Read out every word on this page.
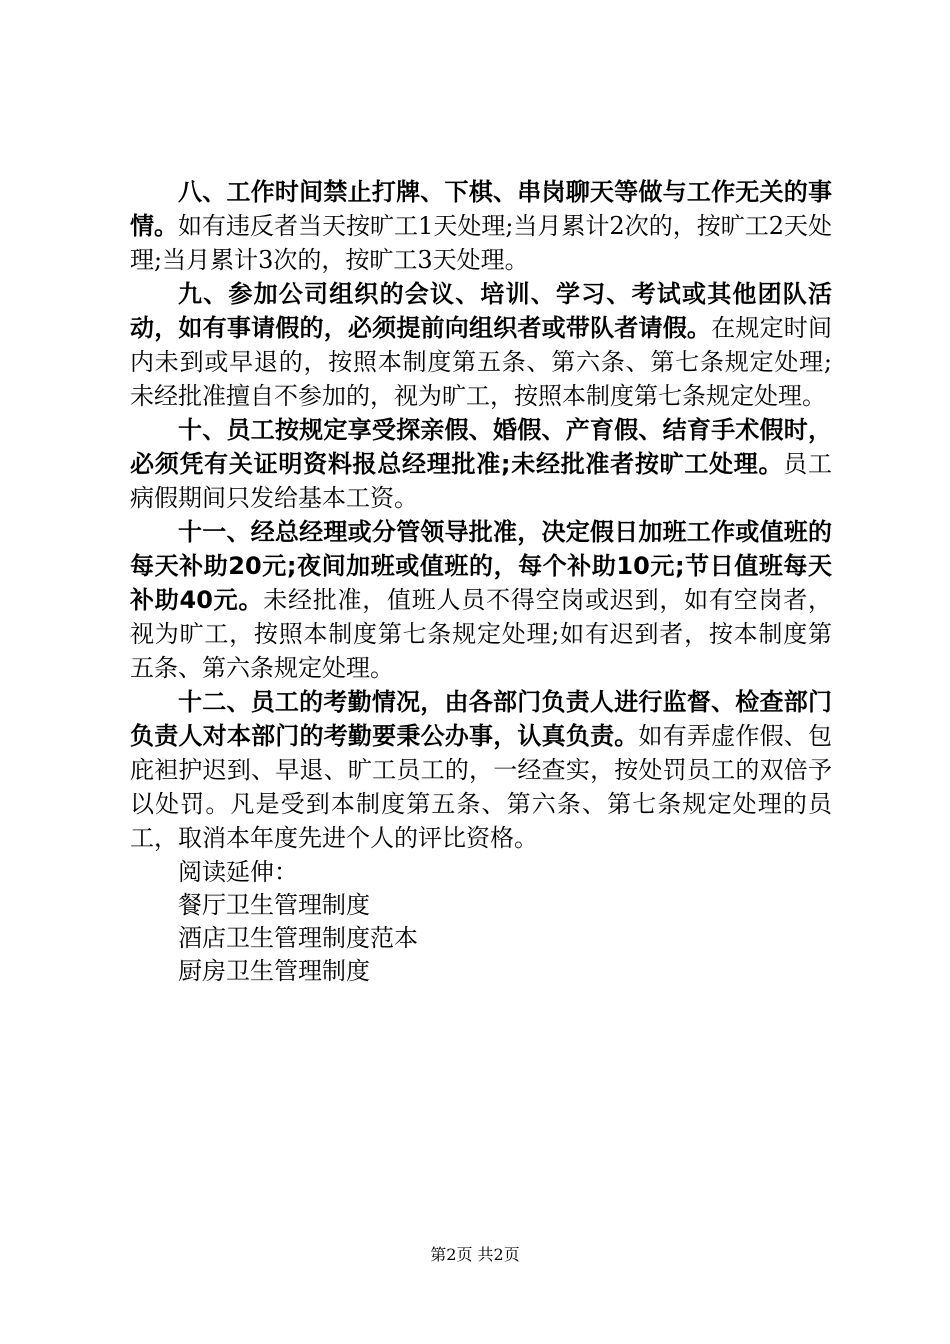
八、工作时间禁止打牌、下棋、串岗聊天等做与工作无关的事情。如有违反者当天按旷工1天处理;当月累计2次的，按旷工2天处理;当月累计3次的，按旷工3天处理。

九、参加公司组织的会议、培训、学习、考试或其他团队活动，如有事请假的，必须提前向组织者或带队者请假。在规定时间内未到或早退的，按照本制度第五条、第六条、第七条规定处理;未经批准擅自不参加的，视为旷工，按照本制度第七条规定处理。

十、员工按规定享受探亲假、婚假、产育假、结育手术假时，必须凭有关证明资料报总经理批准;未经批准者按旷工处理。员工病假期间只发给基本工资。

十一、经总经理或分管领导批准，决定假日加班工作或值班的每天补助20元;夜间加班或值班的，每个补助10元;节日值班每天补助40元。未经批准，值班人员不得空岗或迟到，如有空岗者，视为旷工，按照本制度第七条规定处理;如有迟到者，按本制度第五条、第六条规定处理。

十二、员工的考勤情况，由各部门负责人进行监督、检查部门负责人对本部门的考勤要秉公办事，认真负责。如有弄虚作假、包庇袒护迟到、早退、旷工员工的，一经查实，按处罚员工的双倍予以处罚。凡是受到本制度第五条、第六条、第七条规定处理的员工，取消本年度先进个人的评比资格。

阅读延伸：

餐厅卫生管理制度

酒店卫生管理制度范本

厨房卫生管理制度

第2页 共2页
